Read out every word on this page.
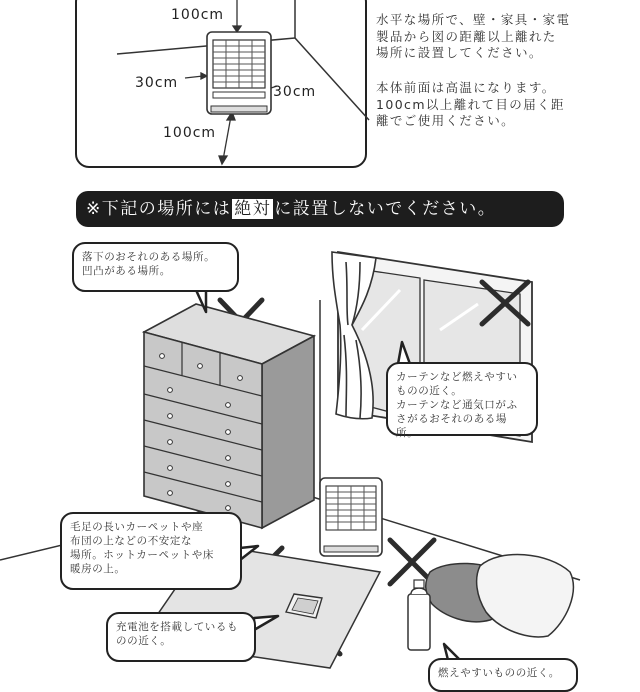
100cm
30cm
30cm
100cm

水平な場所で、壁・家具・家電

製品から図の距離以上離れた

場所に設置してください。

本体前面は高温になります。

100cm以上離れて目の届く距

離でご使用ください。

※下記の場所には 絶対 に設置しないでください。
落下のおそれのある場所。
凹凸がある場所。
カーテンなど燃えやすい
ものの近く。
カーテンなど通気口がふ
さがるおそれのある場所。
毛足の長いカーペットや座
布団の上などの不安定な
場所。ホットカーペットや床
暖房の上。
充電池を搭載しているも
のの近く。
燃えやすいものの近く。
